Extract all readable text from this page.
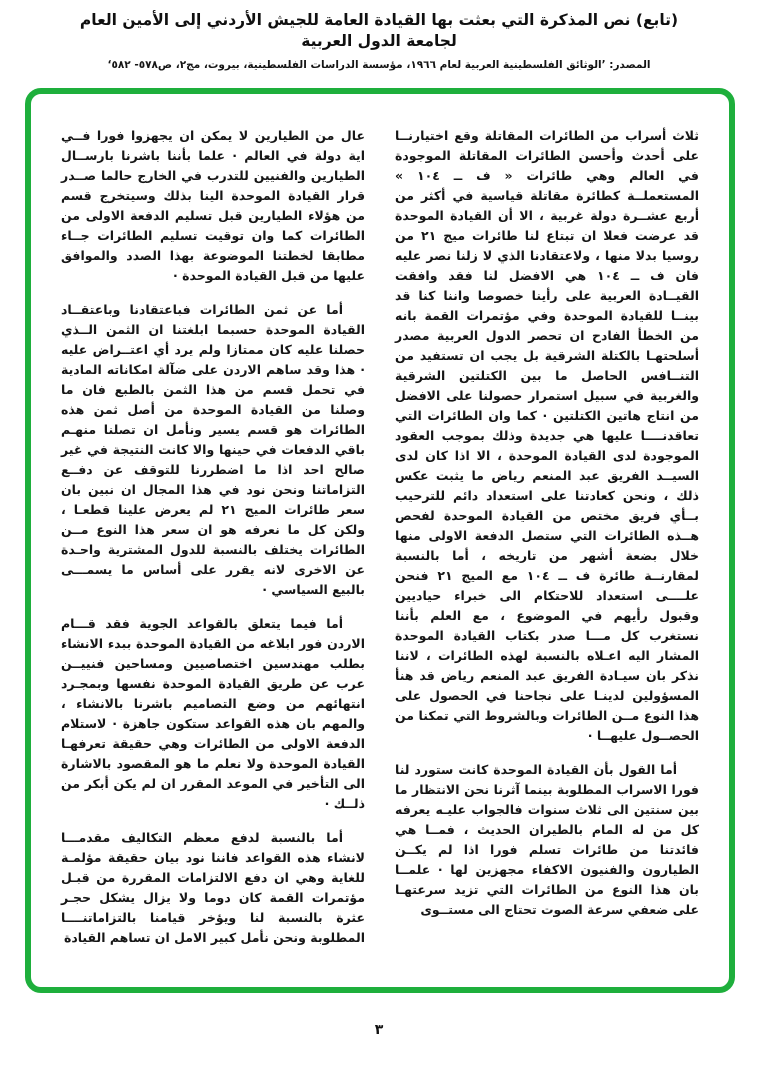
(تابع) نص المذكرة التي بعثت بها القيادة العامة للجيش الأردني إلى الأمين العام لجامعة الدول العربية
المصدر: ’الوثائق الفلسطينية العربية لعام ١٩٦٦، مؤسسة الدراسات الفلسطينية، بيروت، مج٢، ص٥٧٨- ٥٨٢‘

ثلاث أسراب من الطائرات المقاتلة وقع اختيارنــا على أحدث وأحسن الطائرات المقاتلة الموجودة في العالم وهي طائرات « ف ــ ١٠٤ » المستعملــة كطائرة مقاتلة قياسية في أكثر من أربع عشــرة دولة غربية ، الا أن القيادة الموحدة قد عرضت فعلا ان تبتاع لنا طائرات ميج ٢١ من روسيا بدلا منها ، ولاعتقادنا الذي لا زلنا نصر عليه فان ف ــ ١٠٤ هي الافضل لنا فقد وافقت القيــادة العربية على رأينا خصوصا واننا كنا قد بينــا للقيادة الموحدة وفي مؤتمرات القمة بانه من الخطأ الفادح ان تحصر الدول العربية مصدر أسلحتهـا بالكتلة الشرقية بل يجب ان تستفيد من التنــافس الحاصل ما بين الكتلتين الشرقية والغربية في سبيل استمرار حصولنا على الافضل من انتاج هاتين الكتلتين · كما وان الطائرات التي تعاقدنــــا عليها هي جديدة وذلك بموجب العقود الموجودة لدى القيادة الموحدة ، الا اذا كان لدى السيــد الفريق عبد المنعم رياض ما يثبت عكس ذلك ، ونحن كعادتنا على استعداد دائم للترحيب بــأي فريق مختص من القيادة الموحدة لفحص هــذه الطائرات التي ستصل الدفعة الاولى منها خلال بضعة أشهر من تاريخه ، أما بالنسبة لمقارنــة طائرة ف ــ ١٠٤ مع الميج ٢١ فنحن علــــى استعداد للاحتكام الى خبراء حياديين وقبول رأيهم في الموضوع ، مع العلم بأننا نستغرب كل مـــا صدر بكتاب القيادة الموحدة المشار اليه اعـلاه بالنسبة لهذه الطائرات ، لاننا نذكر بان سيـادة الفريق عبد المنعم رياض قد هنأ المسؤولين لدينـا على نجاحنا في الحصول على هذا النوع مــن الطائرات وبالشروط التي تمكنا من الحصــول عليهــا ·

أما القول بأن القيادة الموحدة كانت ستورد لنا فورا الاسراب المطلوبة بينما آثرنا نحن الانتظار ما بين سنتين الى ثلاث سنوات فالجواب عليـه يعرفه كل من له المام بالطيران الحديث ، فمــا هي فائدتنا من طائرات تسلم فورا اذا لم يكــن الطيارون والفنيون الاكفاء مجهزين لها · علمــا بان هذا النوع من الطائرات التي تزيد سرعتهـا على ضعفي سرعة الصوت تحتاج الى مستــوى

عال من الطيارين لا يمكن ان يجهزوا فورا فــي اية دولة في العالم · علما بأننا باشرنا بارســال الطيارين والفنيين للتدرب في الخارج حالما صــدر قرار القيادة الموحدة الينا بذلك وسيتخرج قسم من هؤلاء الطيارين قبل تسليم الدفعة الاولى من الطائرات كما وان توقيت تسليم الطائرات جــاء مطابقا لخطتنا الموضوعة بهذا الصدد والموافق عليها من قبل القيادة الموحدة ·

أما عن ثمن الطائرات فباعتقادنا وباعتقــاد القيادة الموحدة حسبما ابلغتنا ان الثمن الــذي حصلنا عليه كان ممتازا ولم يرد أي اعتــراض عليه · هذا وقد ساهم الاردن على ضآلة امكاناته المادية في تحمل قسم من هذا الثمن بالطبع فان ما وصلنا من القيادة الموحدة من أصل ثمن هذه الطائرات هو قسم يسير ونأمل ان تصلنا منهـم باقي الدفعات في حينها والا كانت النتيجة في غير صالح احد اذا ما اضطررنا للتوقف عن دفــع التزاماتنا ونحن نود في هذا المجال ان نبين بان سعر طائرات الميج ٢١ لم يعرض علينا قطعـا ، ولكن كل ما نعرفه هو ان سعر هذا النوع مــن الطائرات يختلف بالنسبة للدول المشترية واحـدة عن الاخرى لانه يقرر على أساس ما يسمـــى بالبيع السياسي ·

أما فيما يتعلق بالقواعد الجوية فقد قـــام الاردن فور ابلاغه من القيادة الموحدة ببدء الانشاء بطلب مهندسين اختصاصيين ومساحين فنييــن عرب عن طريق القيادة الموحدة نفسها وبمجـرد انتهائهم من وضع التصاميم باشرنا بالانشاء ، والمهم بان هذه القواعد ستكون جاهزة · لاستلام الدفعة الاولى من الطائرات وهي حقيقة تعرفهـا القيادة الموحدة ولا نعلم ما هو المقصود بالاشارة الى التأخير في الموعد المقرر ان لم يكن أبكر من ذلــك ·

أما بالنسبة لدفع معظم التكاليف مقدمـــا لانشاء هذه القواعد فاننا نود بيان حقيقة مؤلمـة للغاية وهي ان دفع الالتزامات المقررة من قبـل مؤتمرات القمة كان دوما ولا يزال يشكل حجـر عثرة بالنسبة لنا ويؤخر قيامنا بالتزاماتنــــا المطلوبة ونحن نأمل كبير الامل ان تساهم القيادة

٣
